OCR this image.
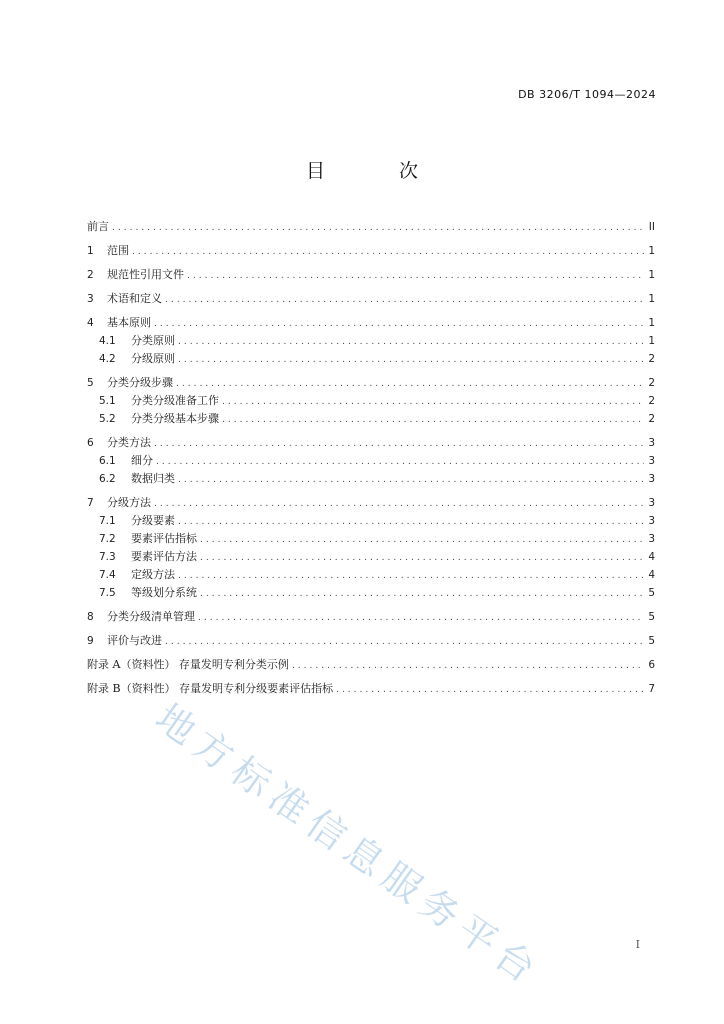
DB 3206/T 1094—2024
目 次
前言 .....	II
1	范围 .....	1
2	规范性引用文件 .....	1
3	术语和定义 .....	1
4	基本原则 .....	1
4.1	分类原则 .....	1
4.2	分级原则 .....	2
5	分类分级步骤 .....	2
5.1	分类分级准备工作 .....	2
5.2	分类分级基本步骤 .....	2
6	分类方法 .....	3
6.1	细分 .....	3
6.2	数据归类 .....	3
7	分级方法 .....	3
7.1	分级要素 .....	3
7.2	要素评估指标 .....	3
7.3	要素评估方法 .....	4
7.4	定级方法 .....	4
7.5	等级划分系统 .....	5
8	分类分级清单管理 .....	5
9	评价与改进 .....	5
附录 A（资料性） 存量发明专利分类示例 .....	6
附录 B（资料性） 存量发明专利分级要素评估指标 .....	7
I
地方标准信息服务平台
